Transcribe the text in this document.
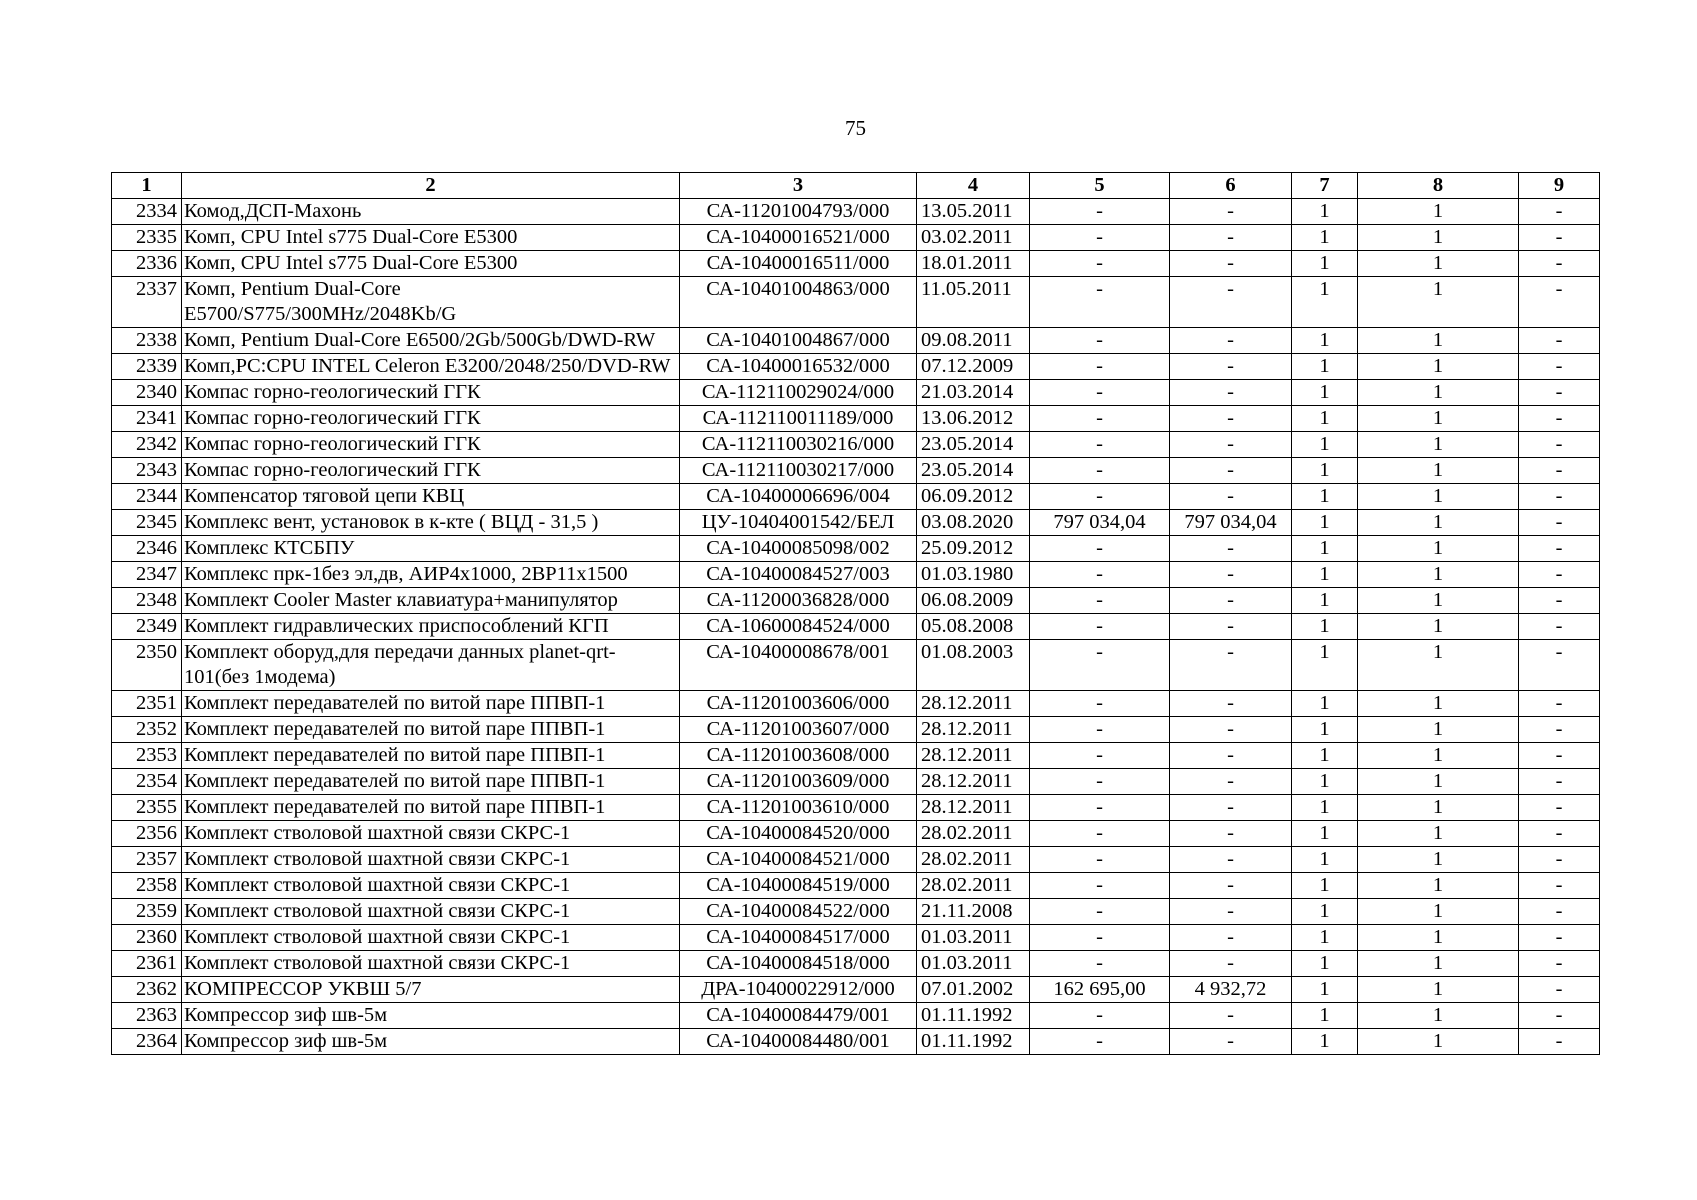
75
1	2	3	4	5	6	7	8	9
2334	Комод,ДСП-Махонь	СА-11201004793/000	13.05.2011	-	-	1	1	-
2335	Комп, CPU Intel s775 Dual-Core E5300	СА-10400016521/000	03.02.2011	-	-	1	1	-
2336	Комп, CPU Intel s775 Dual-Core E5300	СА-10400016511/000	18.01.2011	-	-	1	1	-
2337	Комп, Pentium Dual-Core E5700/S775/300MHz/2048Kb/G	СА-10401004863/000	11.05.2011	-	-	1	1	-
2338	Комп, Pentium Dual-Core E6500/2Gb/500Gb/DWD-RW	СА-10401004867/000	09.08.2011	-	-	1	1	-
2339	Комп,PC:CPU INTEL Celeron E3200/2048/250/DVD-RW	СА-10400016532/000	07.12.2009	-	-	1	1	-
2340	Компас горно-геологический ГГК	СА-112110029024/000	21.03.2014	-	-	1	1	-
2341	Компас горно-геологический ГГК	СА-112110011189/000	13.06.2012	-	-	1	1	-
2342	Компас горно-геологический ГГК	СА-112110030216/000	23.05.2014	-	-	1	1	-
2343	Компас горно-геологический ГГК	СА-112110030217/000	23.05.2014	-	-	1	1	-
2344	Компенсатор тяговой цепи КВЦ	СА-10400006696/004	06.09.2012	-	-	1	1	-
2345	Комплекс вент, установок в к-кте ( ВЦД - 31,5 )	ЦУ-10404001542/БЕЛ	03.08.2020	797 034,04	797 034,04	1	1	-
2346	Комплекс КТСБПУ	СА-10400085098/002	25.09.2012	-	-	1	1	-
2347	Комплекс прк-1без эл,дв, АИР4х1000, 2ВР11х1500	СА-10400084527/003	01.03.1980	-	-	1	1	-
2348	Комплект Cooler Master клавиатура+манипулятор	СА-11200036828/000	06.08.2009	-	-	1	1	-
2349	Комплект гидравлических приспособлений КГП	СА-10600084524/000	05.08.2008	-	-	1	1	-
2350	Комплект оборуд,для передачи данных planet-qrt-101(без 1модема)	СА-10400008678/001	01.08.2003	-	-	1	1	-
2351	Комплект передавателей по витой паре ППВП-1	СА-11201003606/000	28.12.2011	-	-	1	1	-
2352	Комплект передавателей по витой паре ППВП-1	СА-11201003607/000	28.12.2011	-	-	1	1	-
2353	Комплект передавателей по витой паре ППВП-1	СА-11201003608/000	28.12.2011	-	-	1	1	-
2354	Комплект передавателей по витой паре ППВП-1	СА-11201003609/000	28.12.2011	-	-	1	1	-
2355	Комплект передавателей по витой паре ППВП-1	СА-11201003610/000	28.12.2011	-	-	1	1	-
2356	Комплект стволовой шахтной связи СКРС-1	СА-10400084520/000	28.02.2011	-	-	1	1	-
2357	Комплект стволовой шахтной связи СКРС-1	СА-10400084521/000	28.02.2011	-	-	1	1	-
2358	Комплект стволовой шахтной связи СКРС-1	СА-10400084519/000	28.02.2011	-	-	1	1	-
2359	Комплект стволовой шахтной связи СКРС-1	СА-10400084522/000	21.11.2008	-	-	1	1	-
2360	Комплект стволовой шахтной связи СКРС-1	СА-10400084517/000	01.03.2011	-	-	1	1	-
2361	Комплект стволовой шахтной связи СКРС-1	СА-10400084518/000	01.03.2011	-	-	1	1	-
2362	КОМПРЕССОР УКВШ 5/7	ДРА-10400022912/000	07.01.2002	162 695,00	4 932,72	1	1	-
2363	Компрессор зиф шв-5м	СА-10400084479/001	01.11.1992	-	-	1	1	-
2364	Компрессор зиф шв-5м	СА-10400084480/001	01.11.1992	-	-	1	1	-
